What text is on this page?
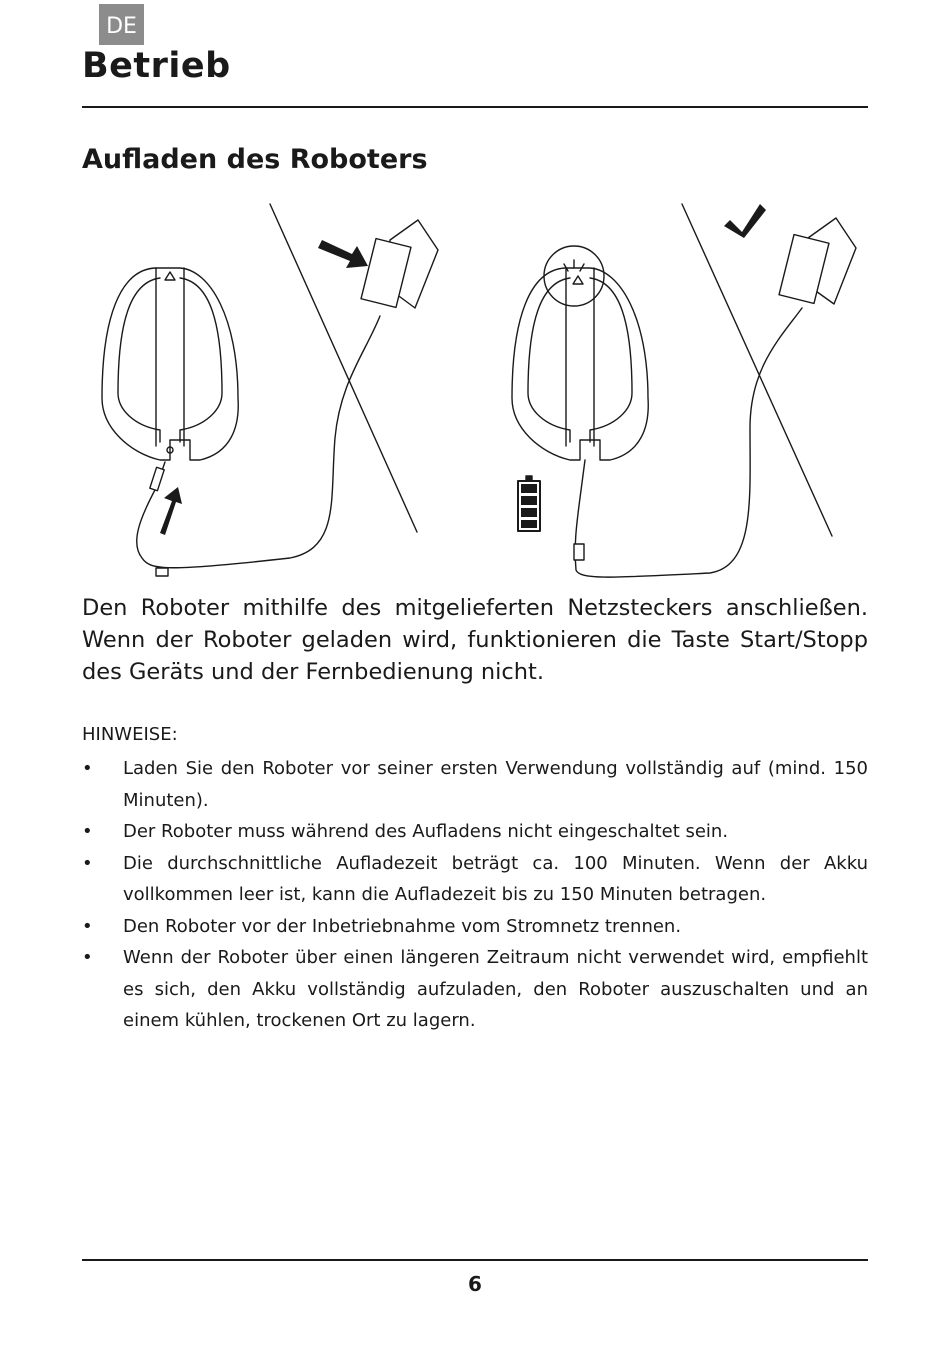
DE
Betrieb
Aufladen des Roboters

Den Roboter mithilfe des mitgelieferten Netzsteckers anschließen. Wenn der Roboter geladen wird, funktionieren die Taste Start/Stopp des Geräts und der Fernbedienung nicht.

HINWEISE:

• Laden Sie den Roboter vor seiner ersten Verwendung vollständig auf (mind. 150 Minuten).
• Der Roboter muss während des Aufladens nicht eingeschaltet sein.
• Die durchschnittliche Aufladezeit beträgt ca. 100 Minuten. Wenn der Akku vollkommen leer ist, kann die Aufladezeit bis zu 150 Minuten betragen.
• Den Roboter vor der Inbetriebnahme vom Stromnetz trennen.
• Wenn der Roboter über einen längeren Zeitraum nicht verwendet wird, empfiehlt es sich, den Akku vollständig aufzuladen, den Roboter auszuschalten und an einem kühlen, trockenen Ort zu lagern.
6
